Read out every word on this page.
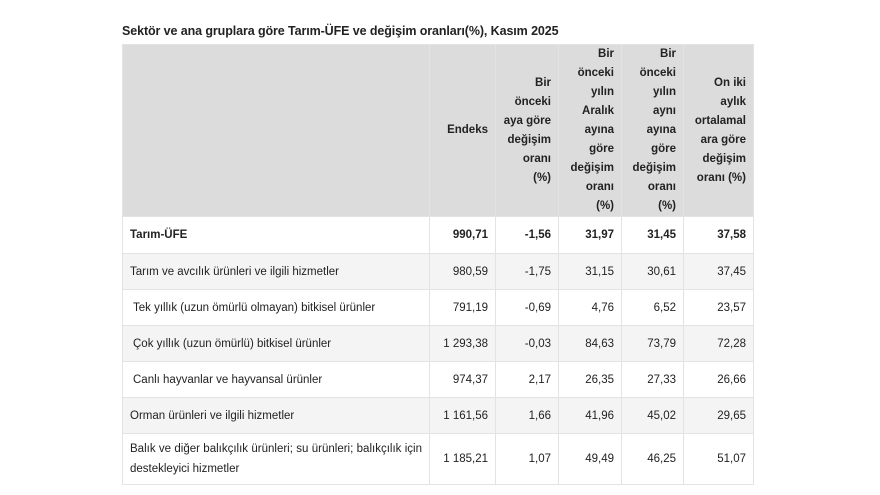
Sektör ve ana gruplara göre Tarım-ÜFE ve değişim oranları(%), Kasım 2025
	Endeks	Bir önceki aya göre değişim oranı (%)	Bir önceki yılın Aralık ayına göre değişim oranı (%)	Bir önceki yılın aynı ayına göre değişim oranı (%)	On iki aylık ortalamalara göre değişim oranı (%)
Tarım-ÜFE	990,71	-1,56	31,97	31,45	37,58
Tarım ve avcılık ürünleri ve ilgili hizmetler	980,59	-1,75	31,15	30,61	37,45
Tek yıllık (uzun ömürlü olmayan) bitkisel ürünler	791,19	-0,69	4,76	6,52	23,57
Çok yıllık (uzun ömürlü) bitkisel ürünler	1 293,38	-0,03	84,63	73,79	72,28
Canlı hayvanlar ve hayvansal ürünler	974,37	2,17	26,35	27,33	26,66
Orman ürünleri ve ilgili hizmetler	1 161,56	1,66	41,96	45,02	29,65
Balık ve diğer balıkçılık ürünleri; su ürünleri; balıkçılık için destekleyici hizmetler	1 185,21	1,07	49,49	46,25	51,07
